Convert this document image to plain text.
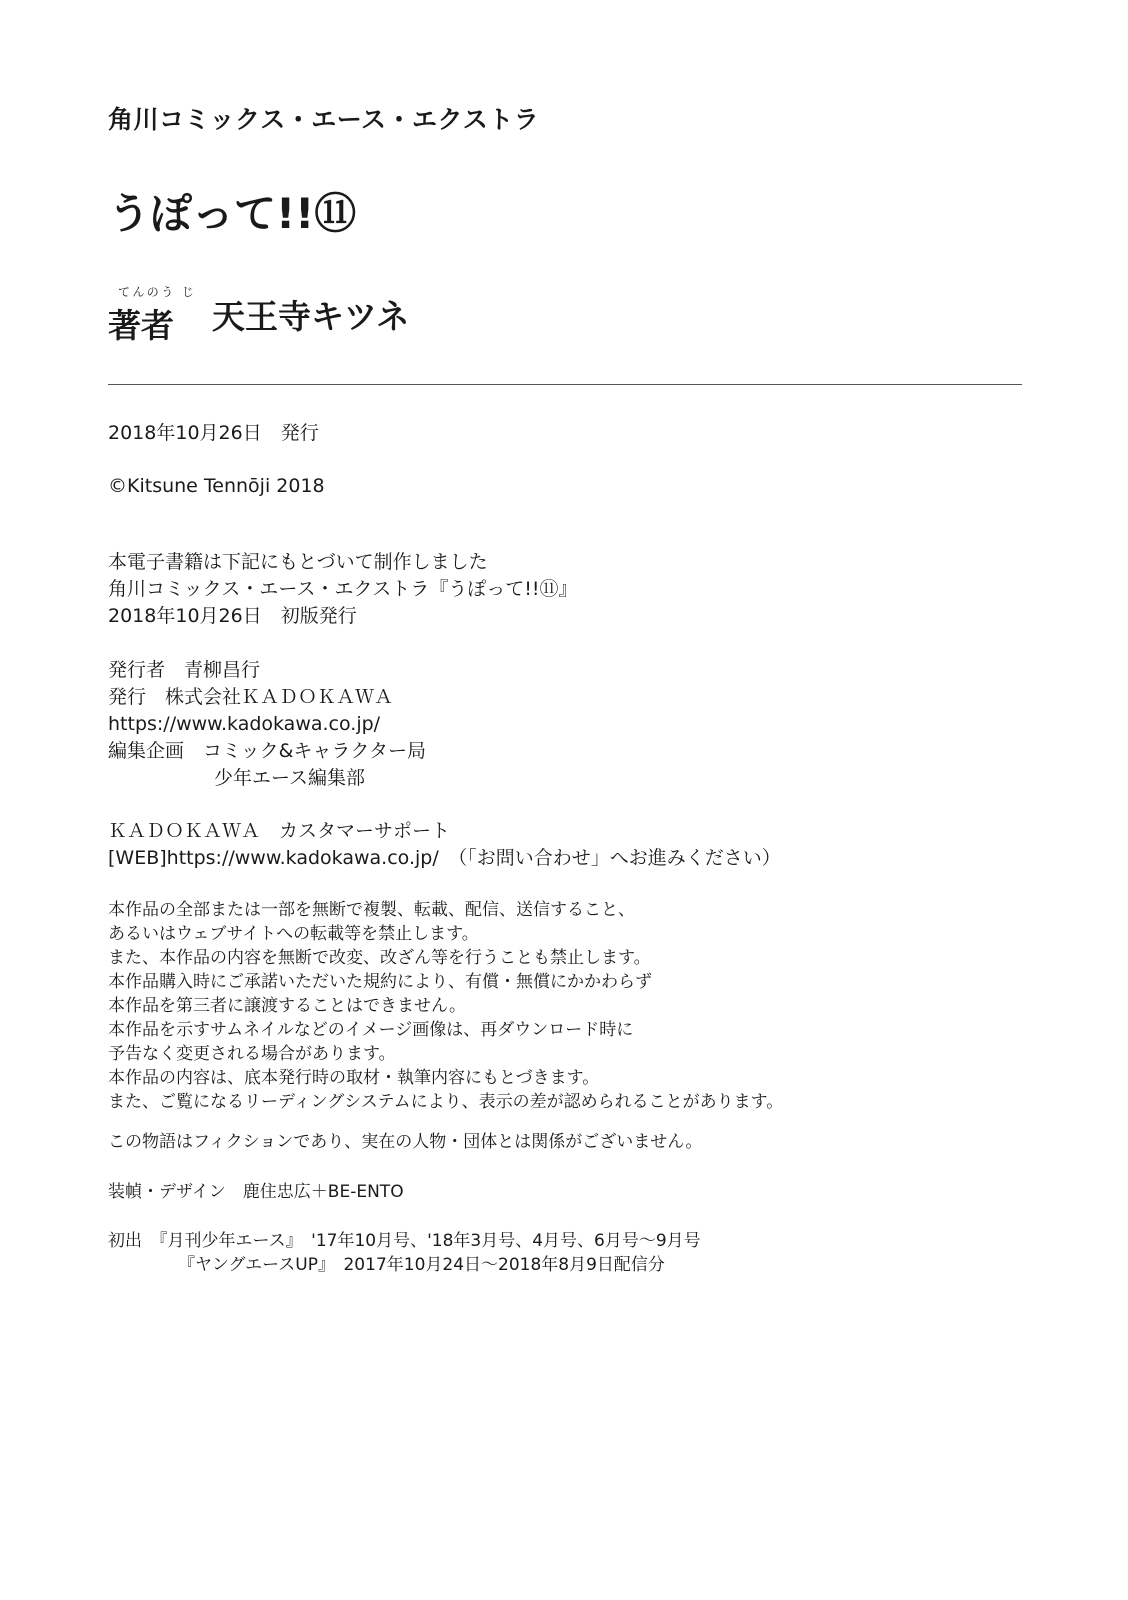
角川コミックス・エース・エクストラ
うぽって!!⑪
てんのう じ
著者 天王寺キツネ
2018年10月26日　発行
©Kitsune Tennōji 2018
本電子書籍は下記にもとづいて制作しました
角川コミックス・エース・エクストラ『うぽって!!⑪』
2018年10月26日　初版発行
発行者　青柳昌行
発行　株式会社ＫＡＤＯＫＡＷＡ
https://www.kadokawa.co.jp/
編集企画　コミック&キャラクター局
少年エース編集部
ＫＡＤＯＫＡＷＡ　カスタマーサポート
[WEB]https://www.kadokawa.co.jp/　（「お問い合わせ」へお進みください）
本作品の全部または一部を無断で複製、転載、配信、送信すること、
あるいはウェブサイトへの転載等を禁止します。
また、本作品の内容を無断で改変、改ざん等を行うことも禁止します。
本作品購入時にご承諾いただいた規約により、有償・無償にかかわらず
本作品を第三者に譲渡することはできません。
本作品を示すサムネイルなどのイメージ画像は、再ダウンロード時に
予告なく変更される場合があります。
本作品の内容は、底本発行時の取材・執筆内容にもとづきます。
また、ご覧になるリーディングシステムにより、表示の差が認められることがあります。
この物語はフィクションであり、実在の人物・団体とは関係がございません。
装幀・デザイン　鹿住忠広＋BE-ENTO
初出　『月刊少年エース』　'17年10月号、'18年3月号、4月号、6月号～9月号
『ヤングエースUP』　2017年10月24日～2018年8月9日配信分
